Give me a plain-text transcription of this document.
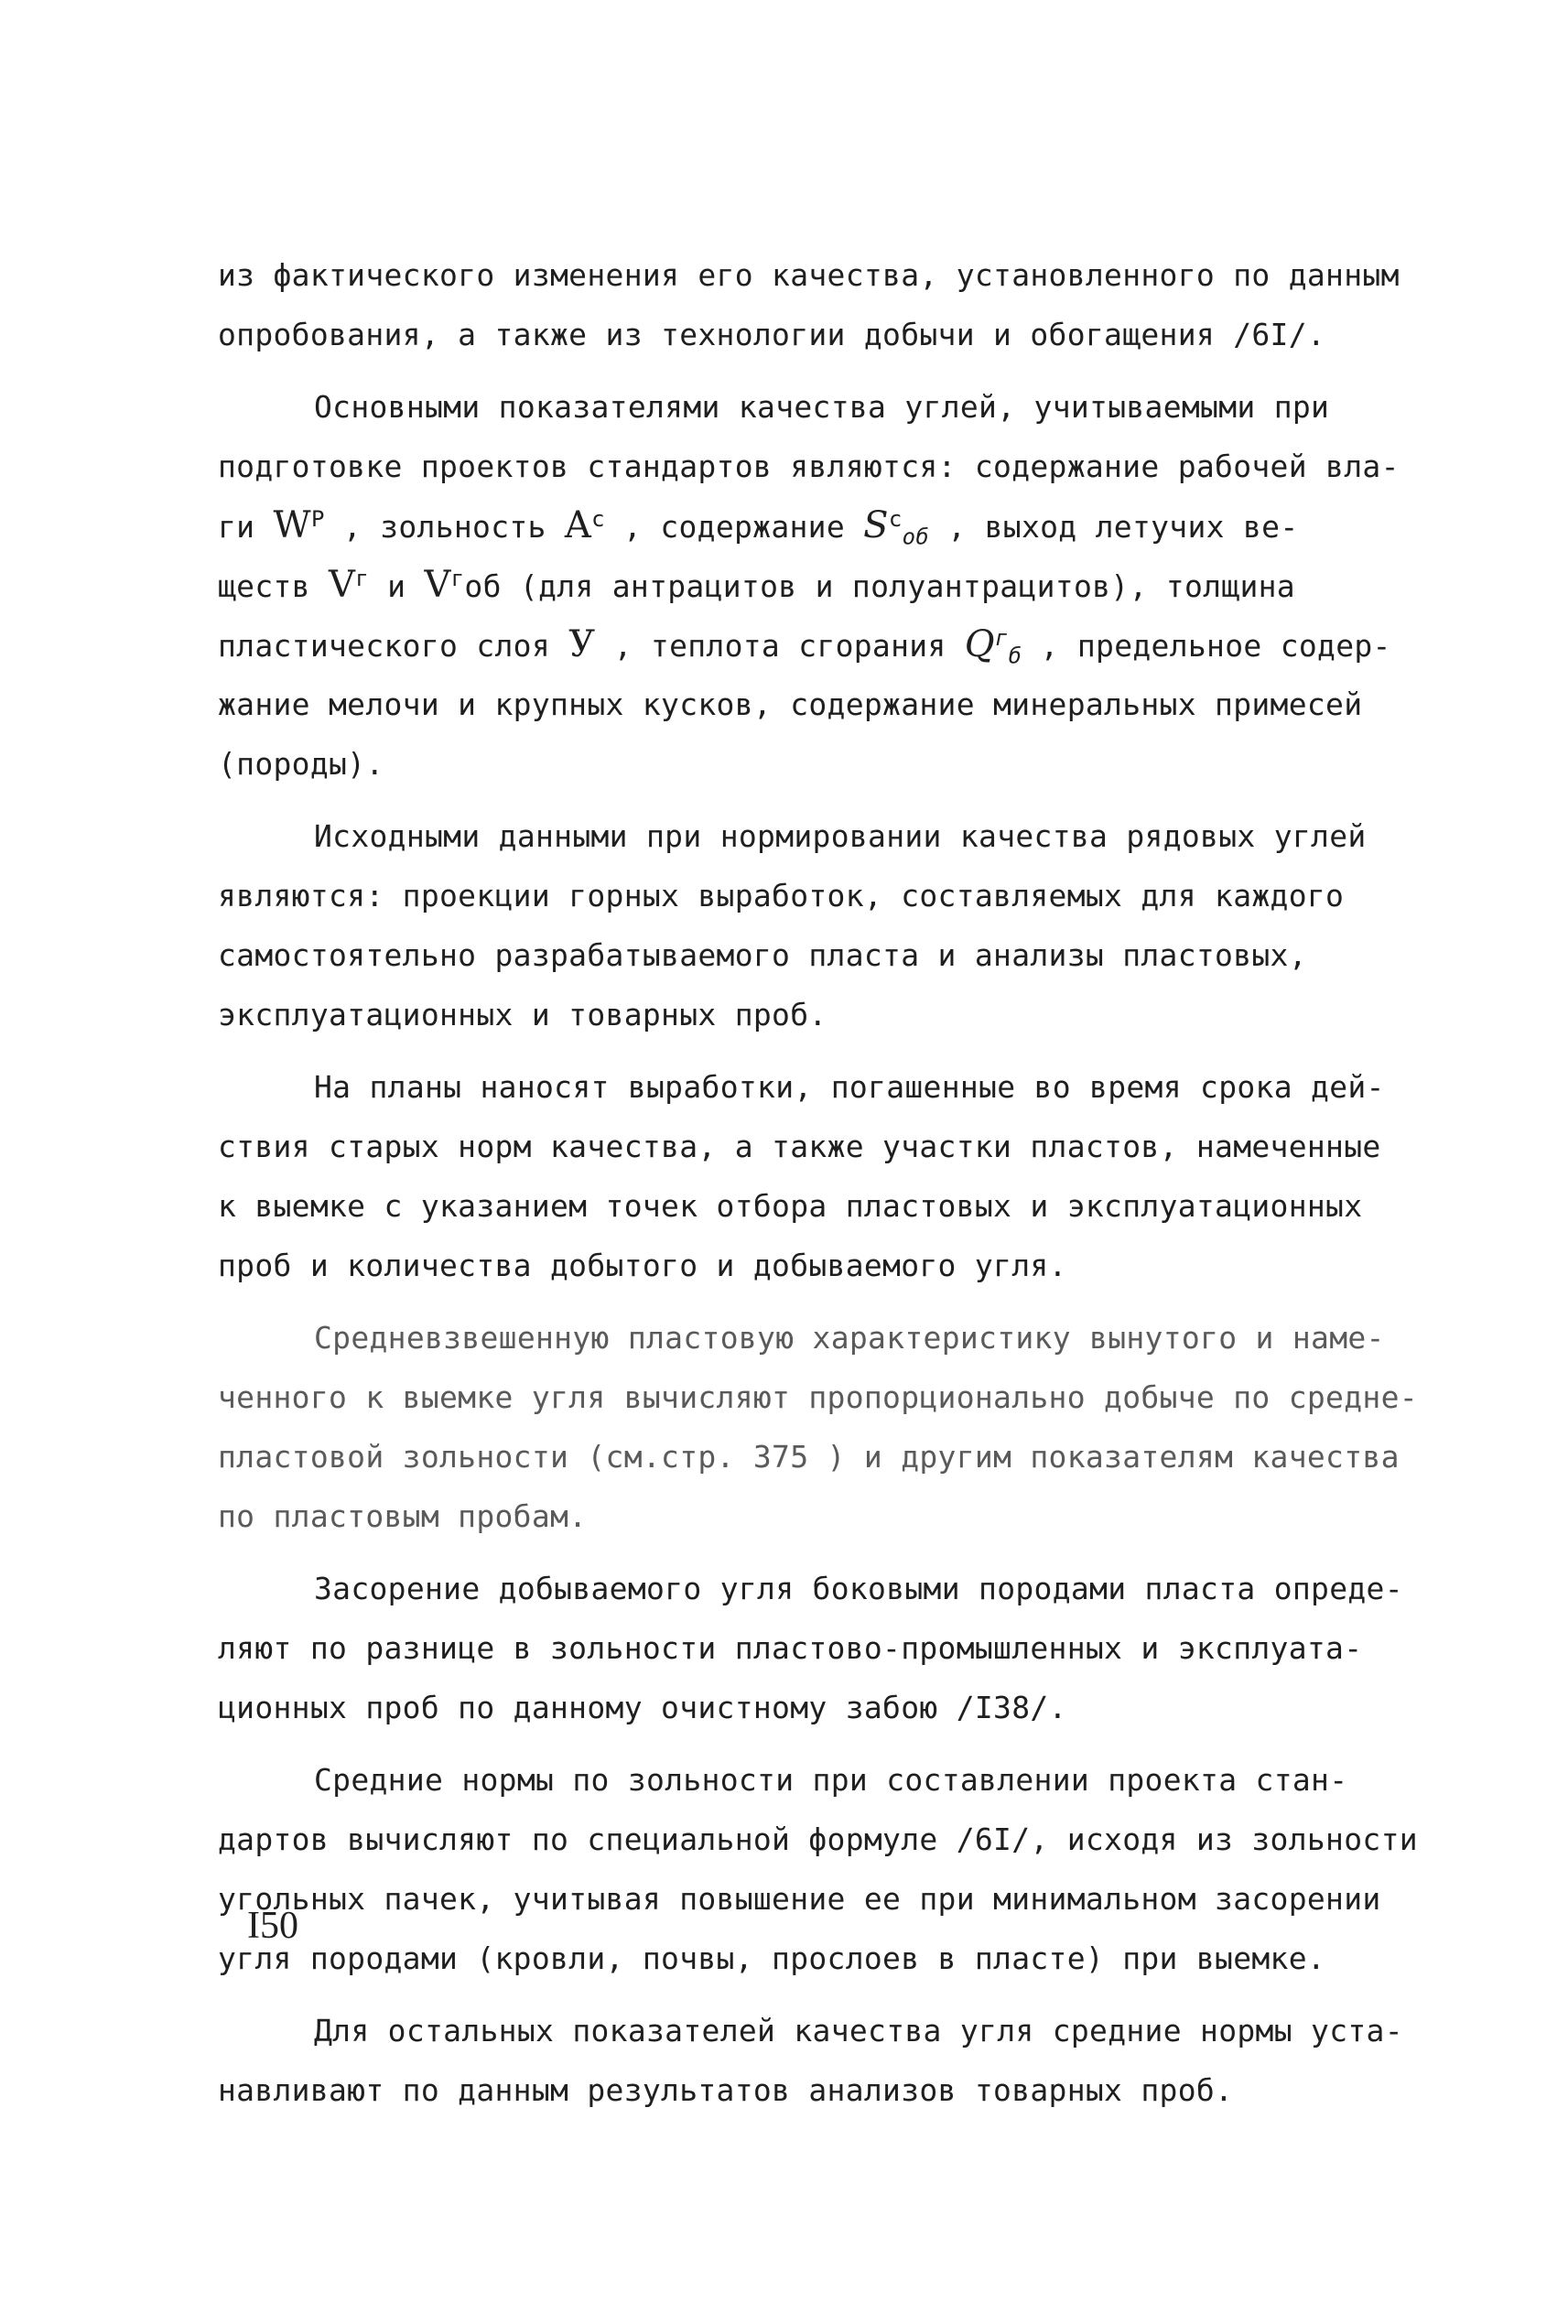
из фактического изменения его качества, установленного по данным
опробования, а также из технологии добычи и обогащения /6I/.
Основными показателями качества углей, учитываемыми при
подготовке проектов стандартов являются: содержание рабочей вла-
ги $W^P$ , зольность $A^c$ , содержание $S^c_{об}$ , выход летучих ве-
ществ $V^г$ и $V^гоб$ (для антрацитов и полуантрацитов), толщина
пластического слоя У , теплота сгорания $Q^г_б$ , предельное содер-
жание мелочи и крупных кусков, содержание минеральных примесей
(породы).
Исходными данными при нормировании качества рядовых углей
являются: проекции горных выработок, составляемых для каждого
самостоятельно разрабатываемого пласта и анализы пластовых,
эксплуатационных и товарных проб.
На планы наносят выработки, погашенные во время срока дей-
ствия старых норм качества, а также участки пластов, намеченные
к выемке с указанием точек отбора пластовых и эксплуатационных
проб и количества добытого и добываемого угля.
Средневзвешенную пластовую характеристику вынутого и наме-
ченного к выемке угля вычисляют пропорционально добыче по средне-
пластовой зольности (см.стр. 375 ) и другим показателям качества
по пластовым пробам.
Засорение добываемого угля боковыми породами пласта опреде-
ляют по разнице в зольности пластово-промышленных и эксплуата-
ционных проб по данному очистному забою /I38/.
Средние нормы по зольности при составлении проекта стан-
дартов вычисляют по специальной формуле /6I/, исходя из зольности
угольных пачек, учитывая повышение ее при минимальном засорении
угля породами (кровли, почвы, прослоев в пласте) при выемке.
Для остальных показателей качества угля средние нормы уста-
навливают по данным результатов анализов товарных проб.
I50
